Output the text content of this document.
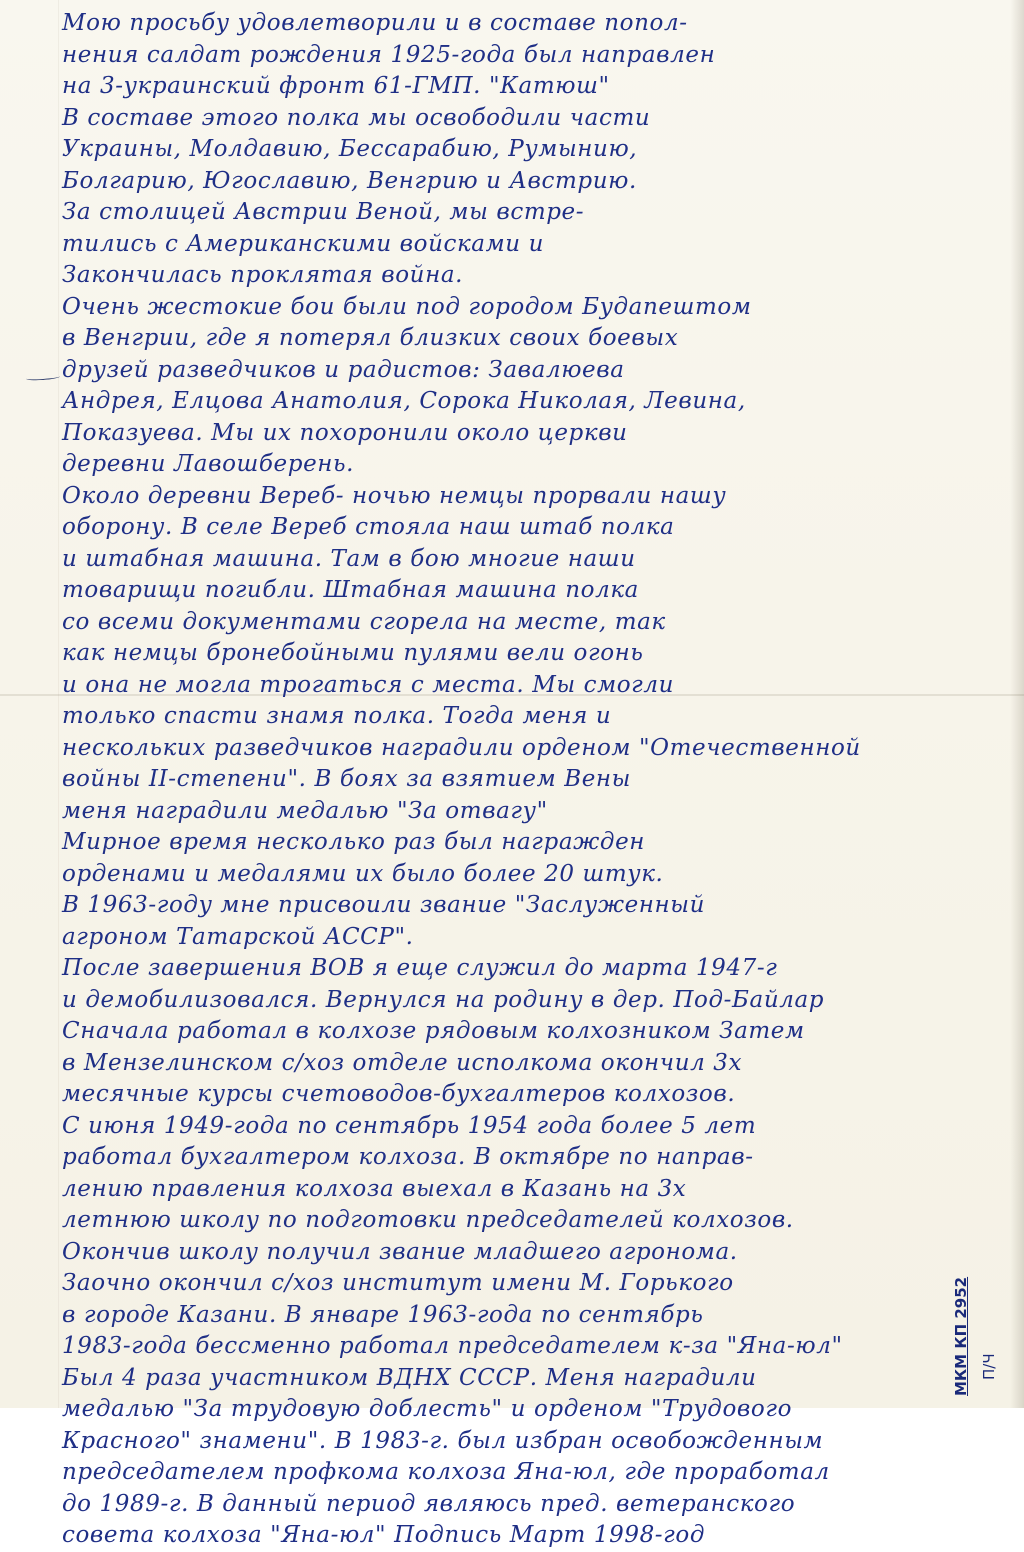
Мою просьбу удовлетворили и в составе попол-
нения салдат рождения 1925-года был направлен
на 3-украинский фронт 61-ГМП. "Катюш"
В составе этого полка мы освободили части
Украины, Молдавию, Бессарабию, Румынию,
Болгарию, Югославию, Венгрию и Австрию.
За столицей Австрии Веной, мы встре-
тились с Американскими войсками и
Закончилась проклятая война.
Очень жестокие бои были под городом Будапештом
в Венгрии, где я потерял близких своих боевых
друзей разведчиков и радистов: Завалюева
Андрея, Елцова Анатолия, Сорока Николая, Левина,
Показуева. Мы их похоронили около церкви
деревни Лавошберень.
Около деревни Вереб- ночью немцы прорвали нашу
оборону. В селе Вереб стояла наш штаб полка
и штабная машина. Там в бою многие наши
товарищи погибли. Штабная машина полка
со всеми документами сгорела на месте, так
как немцы бронебойными пулями вели огонь
и она не могла трогаться с места. Мы смогли
только спасти знамя полка. Тогда меня и
нескольких разведчиков наградили орденом "Отечественной
войны II-степени". В боях за взятием Вены
меня наградили медалью "За отвагу"
Мирное время несколько раз был награжден
орденами и медалями их было более 20 штук.
В 1963-году мне присвоили звание "Заслуженный
агроном Татарской АССР".
После завершения ВОВ я еще служил до марта 1947-г
и демобилизовался. Вернулся на родину в дер. Под-Байлар
Сначала работал в колхозе рядовым колхозником Затем
в Мензелинском с/хоз отделе исполкома окончил 3х
месячные курсы счетоводов-бухгалтеров колхозов.
С июня 1949-года по сентябрь 1954 года более 5 лет
работал бухгалтером колхоза. В октябре по направ-
лению правления колхоза выехал в Казань на 3х
летнюю школу по подготовки председателей колхозов.
Окончив школу получил звание младшего агронома.
Заочно окончил с/хоз институт имени М. Горького
в городе Казани. В январе 1963-года по сентябрь
1983-года бессменно работал председателем к-за "Яна-юл"
Был 4 раза участником ВДНХ СССР. Меня наградили
медалью "За трудовую доблесть" и орденом "Трудового
Красного" знамени". В 1983-г. был избран освобожденным
председателем профкома колхоза Яна-юл, где проработал
до 1989-г. В данный период являюсь пред. ветеранского
совета колхоза "Яна-юл" Подпись Март 1998-год
МКМ КП 2952 П/Ч
